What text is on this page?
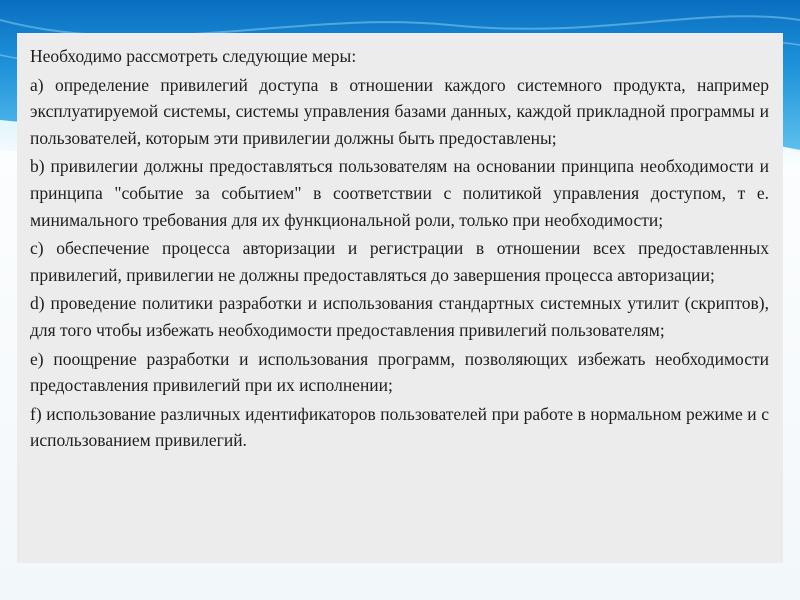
Необходимо рассмотреть следующие меры:

a) определение привилегий доступа в отношении каждого системного продукта, например эксплуатируемой системы, системы управления базами данных, каждой прикладной программы и пользователей, которым эти привилегии должны быть предоставлены;

b) привилегии должны предоставляться пользователям на основании принципа необходимости и принципа "событие за событием" в соответствии с политикой управления доступом, т е. минимального требования для их функциональной роли, только при необходимости;

c) обеспечение процесса авторизации и регистрации в отношении всех предоставленных привилегий, привилегии не должны предоставляться до завершения процесса авторизации;

d) проведение политики разработки и использования стандартных системных утилит (скриптов), для того чтобы избежать необходимости предоставления привилегий пользователям;

e) поощрение разработки и использования программ, позволяющих избежать необходимости предоставления привилегий при их исполнении;

f) использование различных идентификаторов пользователей при работе в нормальном режиме и с использованием привилегий.
